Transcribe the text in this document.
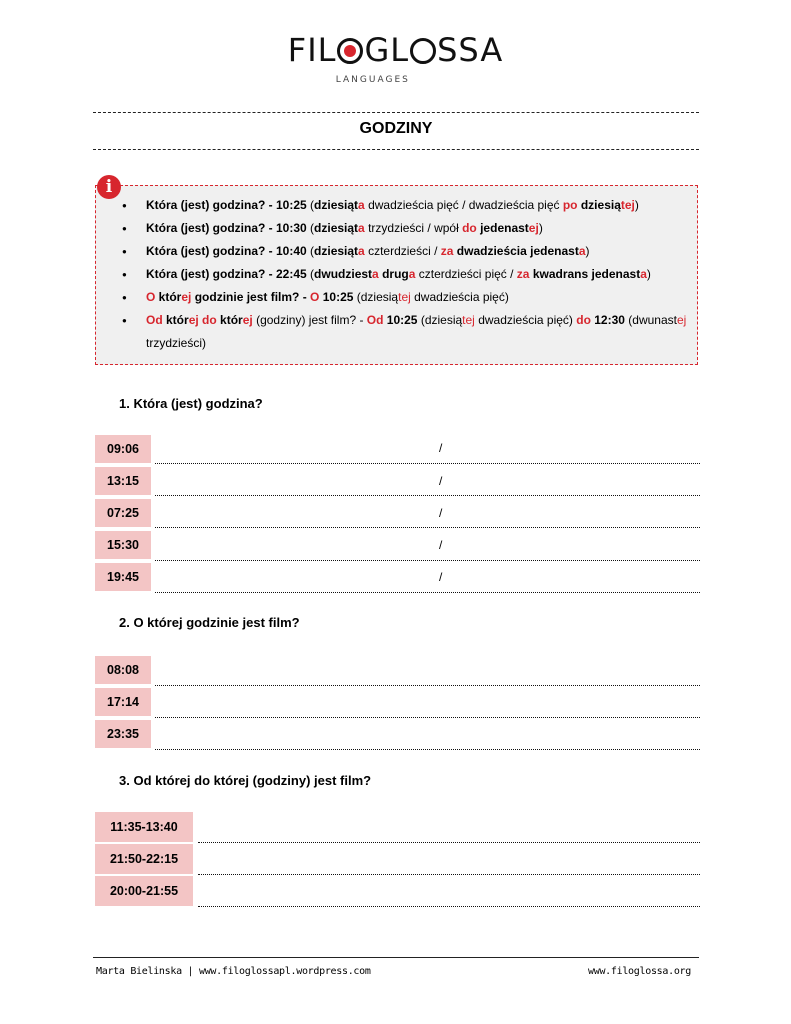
FIL GL SSA
LANGUAGES
GODZINY
i
● Która (jest) godzina? - 10:25 (dziesiąta dwadzieścia pięć / dwadzieścia pięć po dziesiątej)
● Która (jest) godzina? - 10:30 (dziesiąta trzydzieści / wpół do jedenastej)
● Która (jest) godzina? - 10:40 (dziesiąta czterdzieści / za dwadzieścia jedenasta)
● Która (jest) godzina? - 22:45 (dwudziesta druga czterdzieści pięć / za kwadrans jedenasta)
● O której godzinie jest film? - O 10:25 (dziesiątej dwadzieścia pięć)
● Od której do której (godziny) jest film? - Od 10:25 (dziesiątej dwadzieścia pięć) do 12:30 (dwunastej trzydzieści)
1. Która (jest) godzina?
09:06	/
13:15	/
07:25	/
15:30	/
19:45	/
2. O której godzinie jest film?
08:08
17:14
23:35
3. Od której do której (godziny) jest film?
11:35-13:40
21:50-22:15
20:00-21:55
Marta Bielinska | www.filoglossapl.wordpress.com	www.filoglossa.org
